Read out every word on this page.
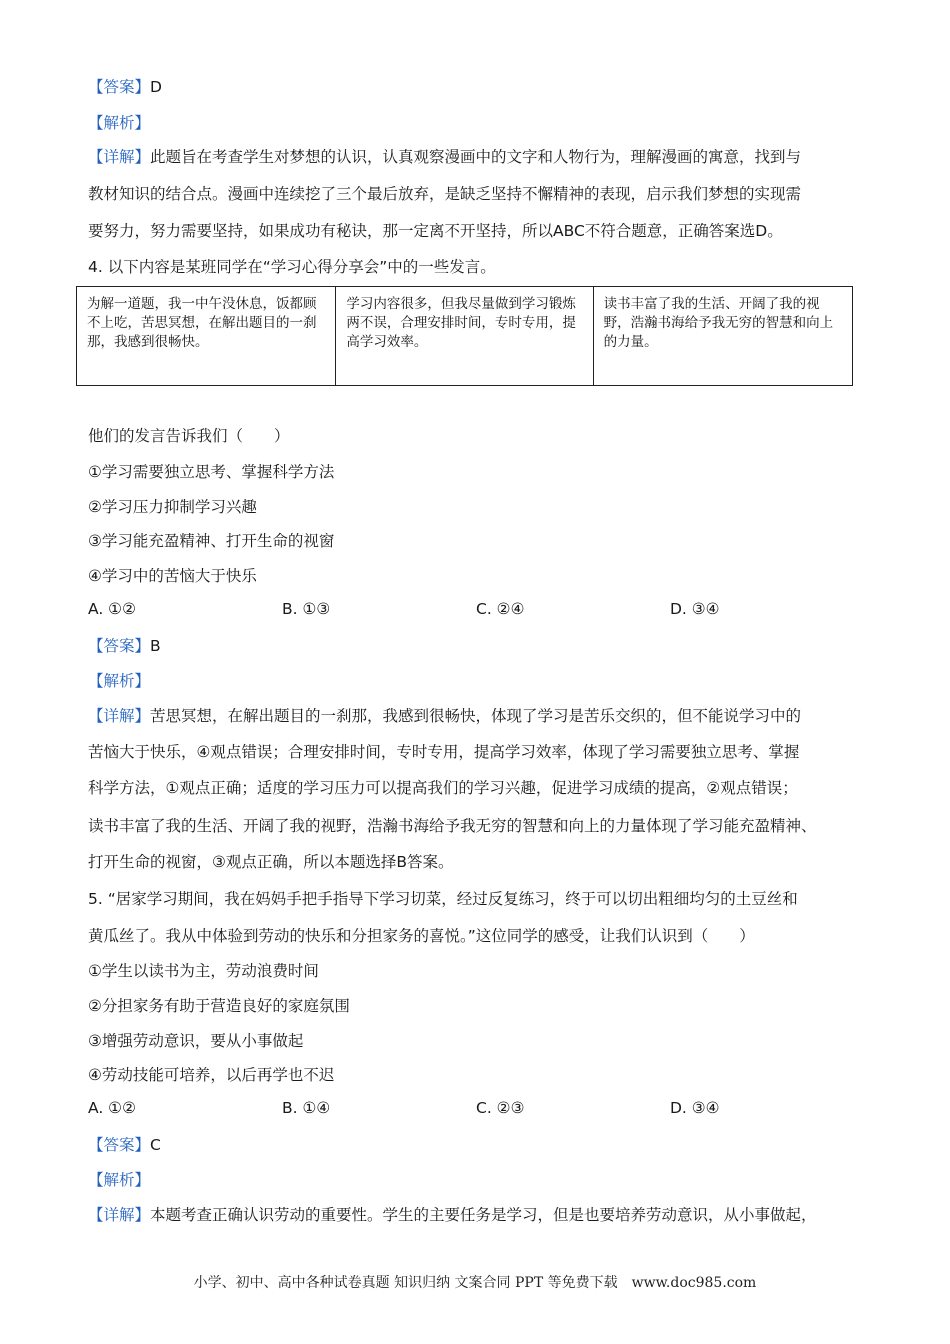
【答案】D
【解析】
【详解】此题旨在考查学生对梦想的认识，认真观察漫画中的文字和人物行为，理解漫画的寓意，找到与
教材知识的结合点。漫画中连续挖了三个最后放弃，是缺乏坚持不懈精神的表现，启示我们梦想的实现需
要努力，努力需要坚持，如果成功有秘诀，那一定离不开坚持，所以ABC不符合题意，正确答案选D。
4. 以下内容是某班同学在“学习心得分享会”中的一些发言。
为解一道题，我一中午没休息，饭都顾不上吃，苦思冥想，在解出题目的一刹那，我感到很畅快。	学习内容很多，但我尽量做到学习锻炼两不误，合理安排时间，专时专用，提高学习效率。	读书丰富了我的生活、开阔了我的视野，浩瀚书海给予我无穷的智慧和向上的力量。
他们的发言告诉我们（　　）
①学习需要独立思考、掌握科学方法
②学习压力抑制学习兴趣
③学习能充盈精神、打开生命的视窗
④学习中的苦恼大于快乐
A. ①②	B. ①③	C. ②④	D. ③④
【答案】B
【解析】
【详解】苦思冥想，在解出题目的一刹那，我感到很畅快，体现了学习是苦乐交织的，但不能说学习中的
苦恼大于快乐，④观点错误；合理安排时间，专时专用，提高学习效率，体现了学习需要独立思考、掌握
科学方法，①观点正确；适度的学习压力可以提高我们的学习兴趣，促进学习成绩的提高，②观点错误；
读书丰富了我的生活、开阔了我的视野，浩瀚书海给予我无穷的智慧和向上的力量体现了学习能充盈精神、
打开生命的视窗，③观点正确，所以本题选择B答案。
5. “居家学习期间，我在妈妈手把手指导下学习切菜，经过反复练习，终于可以切出粗细均匀的土豆丝和
黄瓜丝了。我从中体验到劳动的快乐和分担家务的喜悦。”这位同学的感受，让我们认识到（　　）
①学生以读书为主，劳动浪费时间
②分担家务有助于营造良好的家庭氛围
③增强劳动意识，要从小事做起
④劳动技能可培养，以后再学也不迟
A. ①②	B. ①④	C. ②③	D. ③④
【答案】C
【解析】
【详解】本题考查正确认识劳动的重要性。学生的主要任务是学习，但是也要培养劳动意识，从小事做起，
小学、初中、高中各种试卷真题 知识归纳 文案合同 PPT 等免费下载　www.doc985.com
